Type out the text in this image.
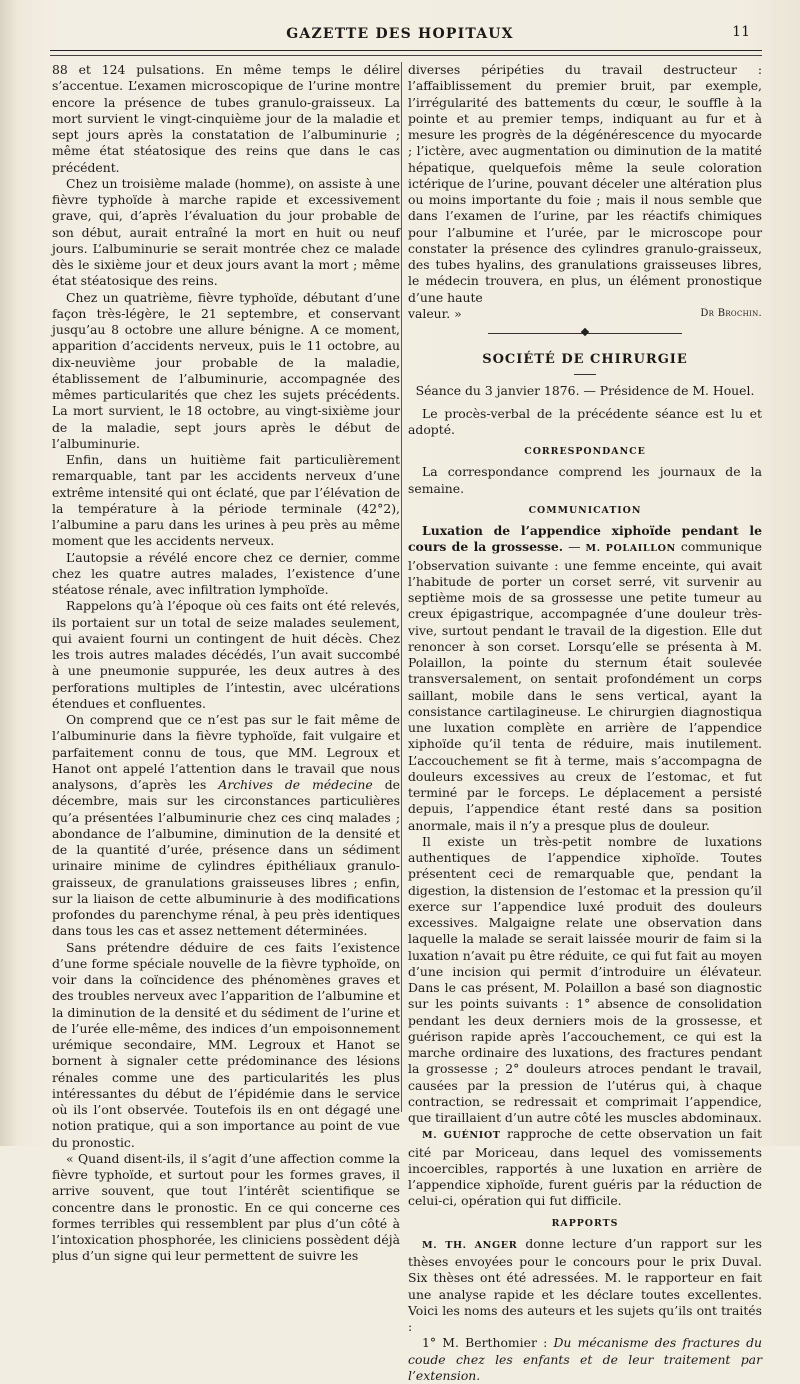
GAZETTE DES HOPITAUX	11

88 et 124 pulsations. En même temps le délire s’accentue. L’examen microscopique de l’urine montre encore la présence de tubes granulo-graisseux. La mort survient le vingt-cinquième jour de la maladie et sept jours après la constatation de l’albuminurie ; même état stéatosique des reins que dans le cas précédent.

Chez un troisième malade (homme), on assiste à une fièvre typhoïde à marche rapide et excessivement grave, qui, d’après l’évaluation du jour probable de son début, aurait entraîné la mort en huit ou neuf jours. L’albuminurie se serait montrée chez ce malade dès le sixième jour et deux jours avant la mort ; même état stéatosique des reins.

Chez un quatrième, fièvre typhoïde, débutant d’une façon très-légère, le 21 septembre, et conservant jusqu’au 8 octobre une allure bénigne. A ce moment, apparition d’accidents nerveux, puis le 11 octobre, au dix-neuvième jour probable de la maladie, établissement de l’albuminurie, accompagnée des mêmes particularités que chez les sujets précédents. La mort survient, le 18 octobre, au vingt-sixième jour de la maladie, sept jours après le début de l’albuminurie.

Enfin, dans un huitième fait particulièrement remarquable, tant par les accidents nerveux d’une extrême intensité qui ont éclaté, que par l’élévation de la température à la période terminale (42°2), l’albumine a paru dans les urines à peu près au même moment que les accidents nerveux.

L’autopsie a révélé encore chez ce dernier, comme chez les quatre autres malades, l’existence d’une stéatose rénale, avec infiltration lymphoïde.

Rappelons qu’à l’époque où ces faits ont été relevés, ils portaient sur un total de seize malades seulement, qui avaient fourni un contingent de huit décès. Chez les trois autres malades décédés, l’un avait succombé à une pneumonie suppurée, les deux autres à des perforations multiples de l’intestin, avec ulcérations étendues et confluentes.

On comprend que ce n’est pas sur le fait même de l’albuminurie dans la fièvre typhoïde, fait vulgaire et parfaitement connu de tous, que MM. Legroux et Hanot ont appelé l’attention dans le travail que nous analysons, d’après les Archives de médecine de décembre, mais sur les circonstances particulières qu’a présentées l’albuminurie chez ces cinq malades ; abondance de l’albumine, diminution de la densité et de la quantité d’urée, présence dans un sédiment urinaire minime de cylindres épithéliaux granulo-graisseux, de granulations graisseuses libres ; enfin, sur la liaison de cette albuminurie à des modifications profondes du parenchyme rénal, à peu près identiques dans tous les cas et assez nettement déterminées.

Sans prétendre déduire de ces faits l’existence d’une forme spéciale nouvelle de la fièvre typhoïde, on voir dans la coïncidence des phénomènes graves et des troubles nerveux avec l’apparition de l’albumine et la diminution de la densité et du sédiment de l’urine et de l’urée elle-même, des indices d’un empoisonnement urémique secondaire, MM. Legroux et Hanot se bornent à signaler cette prédominance des lésions rénales comme une des particularités les plus intéressantes du début de l’épidémie dans le service où ils l’ont observée. Toutefois ils en ont dégagé une notion pratique, qui a son importance au point de vue du pronostic.

« Quand disent-ils, il s’agit d’une affection comme la fièvre typhoïde, et surtout pour les formes graves, il arrive souvent, que tout l’intérêt scientifique se concentre dans le pronostic. En ce qui concerne ces formes terribles qui ressemblent par plus d’un côté à l’intoxication phosphorée, les cliniciens possèdent déjà plus d’un signe qui leur permettent de suivre les

diverses péripéties du travail destructeur : l’affaiblissement du premier bruit, par exemple, l’irrégularité des battements du cœur, le souffle à la pointe et au premier temps, indiquant au fur et à mesure les progrès de la dégénérescence du myocarde ; l’ictère, avec augmentation ou diminution de la matité hépatique, quelquefois même la seule coloration ictérique de l’urine, pouvant déceler une altération plus ou moins importante du foie ; mais il nous semble que dans l’examen de l’urine, par les réactifs chimiques pour l’albumine et l’urée, par le microscope pour constater la présence des cylindres granulo-graisseux, des tubes hyalins, des granulations graisseuses libres, le médecin trouvera, en plus, un élément pronostique d’une haute

valeur. »	Dr Brochin.
SOCIÉTÉ DE CHIRURGIE

Séance du 3 janvier 1876. — Présidence de M. Houel.

Le procès-verbal de la précédente séance est lu et adopté.

CORRESPONDANCE

La correspondance comprend les journaux de la semaine.

COMMUNICATION

Luxation de l’appendice xiphoïde pendant le cours de la grossesse. — M. POLAILLON communique l’observation suivante : une femme enceinte, qui avait l’habitude de porter un corset serré, vit survenir au septième mois de sa grossesse une petite tumeur au creux épigastrique, accompagnée d’une douleur très-vive, surtout pendant le travail de la digestion. Elle dut renoncer à son corset. Lorsqu’elle se présenta à M. Polaillon, la pointe du sternum était soulevée transversalement, on sentait profondément un corps saillant, mobile dans le sens vertical, ayant la consistance cartilagineuse. Le chirurgien diagnostiqua une luxation complète en arrière de l’appendice xiphoïde qu’il tenta de réduire, mais inutilement. L’accouchement se fit à terme, mais s’accompagna de douleurs excessives au creux de l’estomac, et fut terminé par le forceps. Le déplacement a persisté depuis, l’appendice étant resté dans sa position anormale, mais il n’y a presque plus de douleur.

Il existe un très-petit nombre de luxations authentiques de l’appendice xiphoïde. Toutes présentent ceci de remarquable que, pendant la digestion, la distension de l’estomac et la pression qu’il exerce sur l’appendice luxé produit des douleurs excessives. Malgaigne relate une observation dans laquelle la malade se serait laissée mourir de faim si la luxation n’avait pu être réduite, ce qui fut fait au moyen d’une incision qui permit d’introduire un élévateur. Dans le cas présent, M. Polaillon a basé son diagnostic sur les points suivants : 1° absence de consolidation pendant les deux derniers mois de la grossesse, et guérison rapide après l’accouchement, ce qui est la marche ordinaire des luxations, des fractures pendant la grossesse ; 2° douleurs atroces pendant le travail, causées par la pression de l’utérus qui, à chaque contraction, se redressait et comprimait l’appendice, que tiraillaient d’un autre côté les muscles abdominaux.

M. GUÉNIOT rapproche de cette observation un fait cité par Moriceau, dans lequel des vomissements incoercibles, rapportés à une luxation en arrière de l’appendice xiphoïde, furent guéris par la réduction de celui-ci, opération qui fut difficile.

RAPPORTS

M. TH. ANGER donne lecture d’un rapport sur les thèses envoyées pour le concours pour le prix Duval. Six thèses ont été adressées. M. le rapporteur en fait une analyse rapide et les déclare toutes excellentes. Voici les noms des auteurs et les sujets qu’ils ont traités :

1° M. Berthomier : Du mécanisme des fractures du coude chez les enfants et de leur traitement par l’extension.
